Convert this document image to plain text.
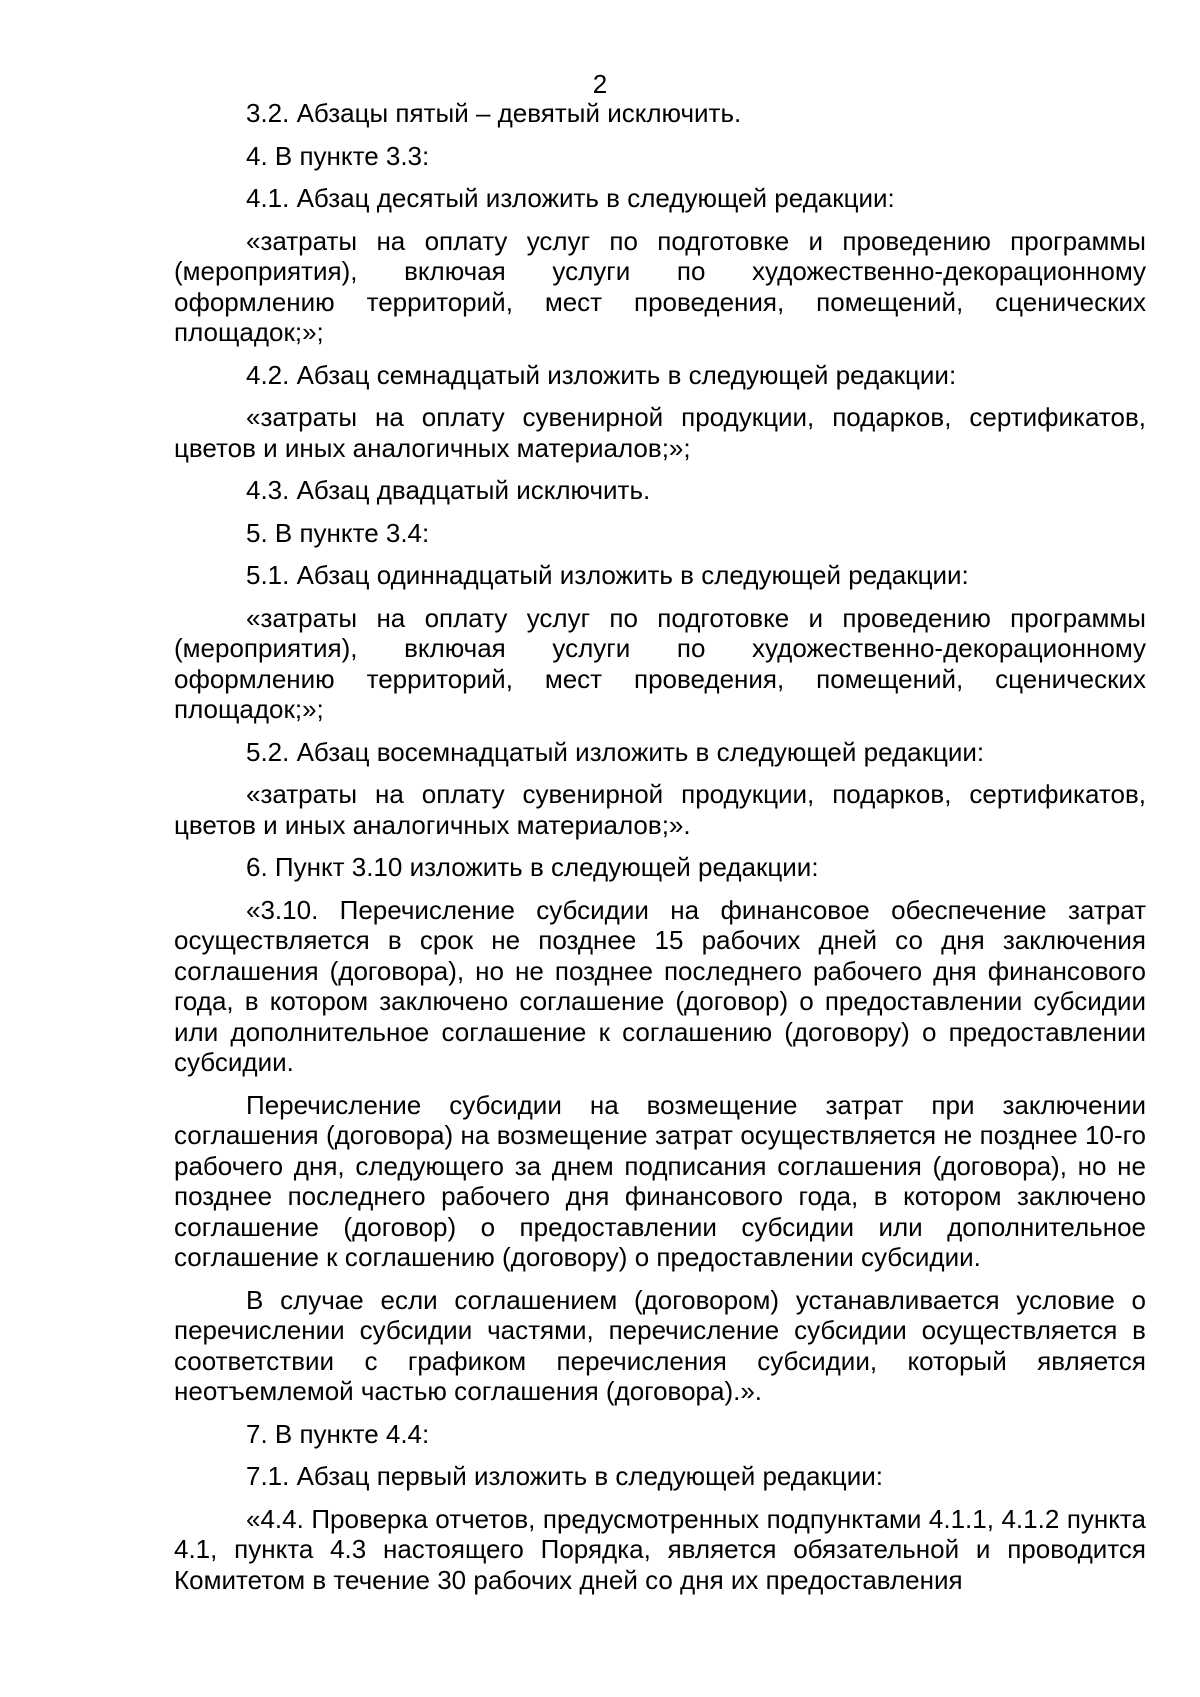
2

3.2. Абзацы пятый – девятый исключить.

4. В пункте 3.3:

4.1. Абзац десятый изложить в следующей редакции:

«затраты на оплату услуг по подготовке и проведению программы (мероприятия), включая услуги по художественно-декорационному оформлению территорий, мест проведения, помещений, сценических площадок;»;

4.2. Абзац семнадцатый изложить в следующей редакции:

«затраты на оплату сувенирной продукции, подарков, сертификатов, цветов и иных аналогичных материалов;»;

4.3. Абзац двадцатый исключить.

5. В пункте 3.4:

5.1. Абзац одиннадцатый изложить в следующей редакции:

«затраты на оплату услуг по подготовке и проведению программы (мероприятия), включая услуги по художественно-декорационному оформлению территорий, мест проведения, помещений, сценических площадок;»;

5.2. Абзац восемнадцатый изложить в следующей редакции:

«затраты на оплату сувенирной продукции, подарков, сертификатов, цветов и иных аналогичных материалов;».

6. Пункт 3.10 изложить в следующей редакции:

«3.10. Перечисление субсидии на финансовое обеспечение затрат осуществляется в срок не позднее 15 рабочих дней со дня заключения соглашения (договора), но не позднее последнего рабочего дня финансового года, в котором заключено соглашение (договор) о предоставлении субсидии или дополнительное соглашение к соглашению (договору) о предоставлении субсидии.

Перечисление субсидии на возмещение затрат при заключении соглашения (договора) на возмещение затрат осуществляется не позднее 10-го рабочего дня, следующего за днем подписания соглашения (договора), но не позднее последнего рабочего дня финансового года, в котором заключено соглашение (договор) о предоставлении субсидии или дополнительное соглашение к соглашению (договору) о предоставлении субсидии.

В случае если соглашением (договором) устанавливается условие о перечислении субсидии частями, перечисление субсидии осуществляется в соответствии с графиком перечисления субсидии, который является неотъемлемой частью соглашения (договора).».

7. В пункте 4.4:

7.1. Абзац первый изложить в следующей редакции:

«4.4. Проверка отчетов, предусмотренных подпунктами 4.1.1, 4.1.2 пункта 4.1, пункта 4.3 настоящего Порядка, является обязательной и проводится Комитетом в течение 30 рабочих дней со дня их предоставления
